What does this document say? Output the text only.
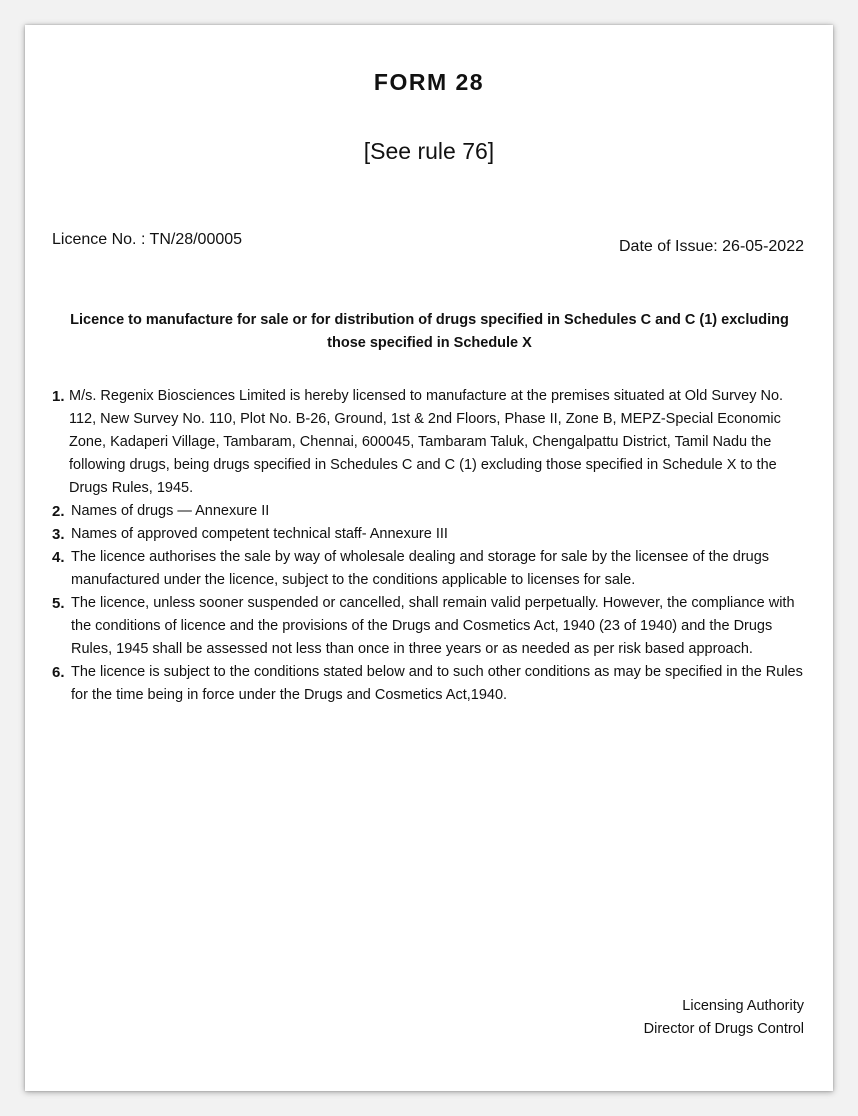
FORM 28
[See rule 76]
Licence No. : TN/28/00005	Date of Issue: 26-05-2022

Licence to manufacture for sale or for distribution of drugs specified in Schedules C and C (1) excluding those specified in Schedule X

1. M/s. Regenix Biosciences Limited is hereby licensed to manufacture at the premises situated at Old Survey No. 112, New Survey No. 110, Plot No. B-26, Ground, 1st & 2nd Floors, Phase II, Zone B, MEPZ-Special Economic Zone, Kadaperi Village, Tambaram, Chennai, 600045, Tambaram Taluk, Chengalpattu District, Tamil Nadu the following drugs, being drugs specified in Schedules C and C (1) excluding those specified in Schedule X to the Drugs Rules, 1945.
2. Names of drugs — Annexure II
3. Names of approved competent technical staff- Annexure III
4. The licence authorises the sale by way of wholesale dealing and storage for sale by the licensee of the drugs manufactured under the licence, subject to the conditions applicable to licenses for sale.
5. The licence, unless sooner suspended or cancelled, shall remain valid perpetually. However, the compliance with the conditions of licence and the provisions of the Drugs and Cosmetics Act, 1940 (23 of 1940) and the Drugs Rules, 1945 shall be assessed not less than once in three years or as needed as per risk based approach.
6. The licence is subject to the conditions stated below and to such other conditions as may be specified in the Rules for the time being in force under the Drugs and Cosmetics Act,1940.
Licensing Authority
Director of Drugs Control
